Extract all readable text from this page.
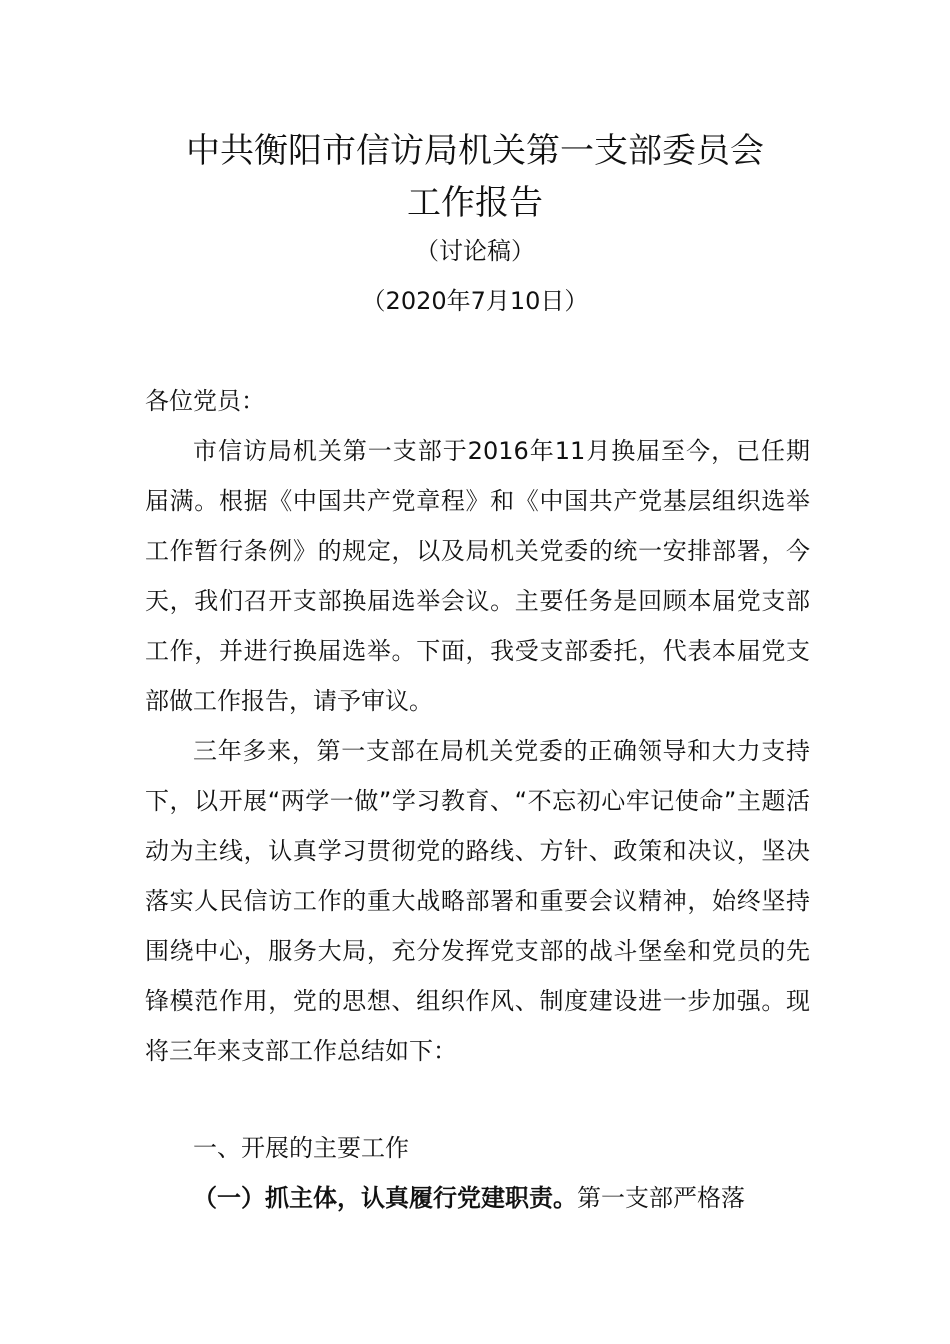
中共衡阳市信访局机关第一支部委员会
工作报告
（讨论稿）
（2020年7月10日）
各位党员：

市信访局机关第一支部于2016年11月换届至今，已任期届满。根据《中国共产党章程》和《中国共产党基层组织选举工作暂行条例》的规定，以及局机关党委的统一安排部署，今天，我们召开支部换届选举会议。主要任务是回顾本届党支部工作，并进行换届选举。下面，我受支部委托，代表本届党支部做工作报告，请予审议。

三年多来，第一支部在局机关党委的正确领导和大力支持下，以开展“两学一做”学习教育、“不忘初心牢记使命”主题活动为主线，认真学习贯彻党的路线、方针、政策和决议，坚决落实人民信访工作的重大战略部署和重要会议精神，始终坚持围绕中心，服务大局，充分发挥党支部的战斗堡垒和党员的先锋模范作用，党的思想、组织作风、制度建设进一步加强。现将三年来支部工作总结如下：

一、开展的主要工作

（一）抓主体，认真履行党建职责。第一支部严格落
